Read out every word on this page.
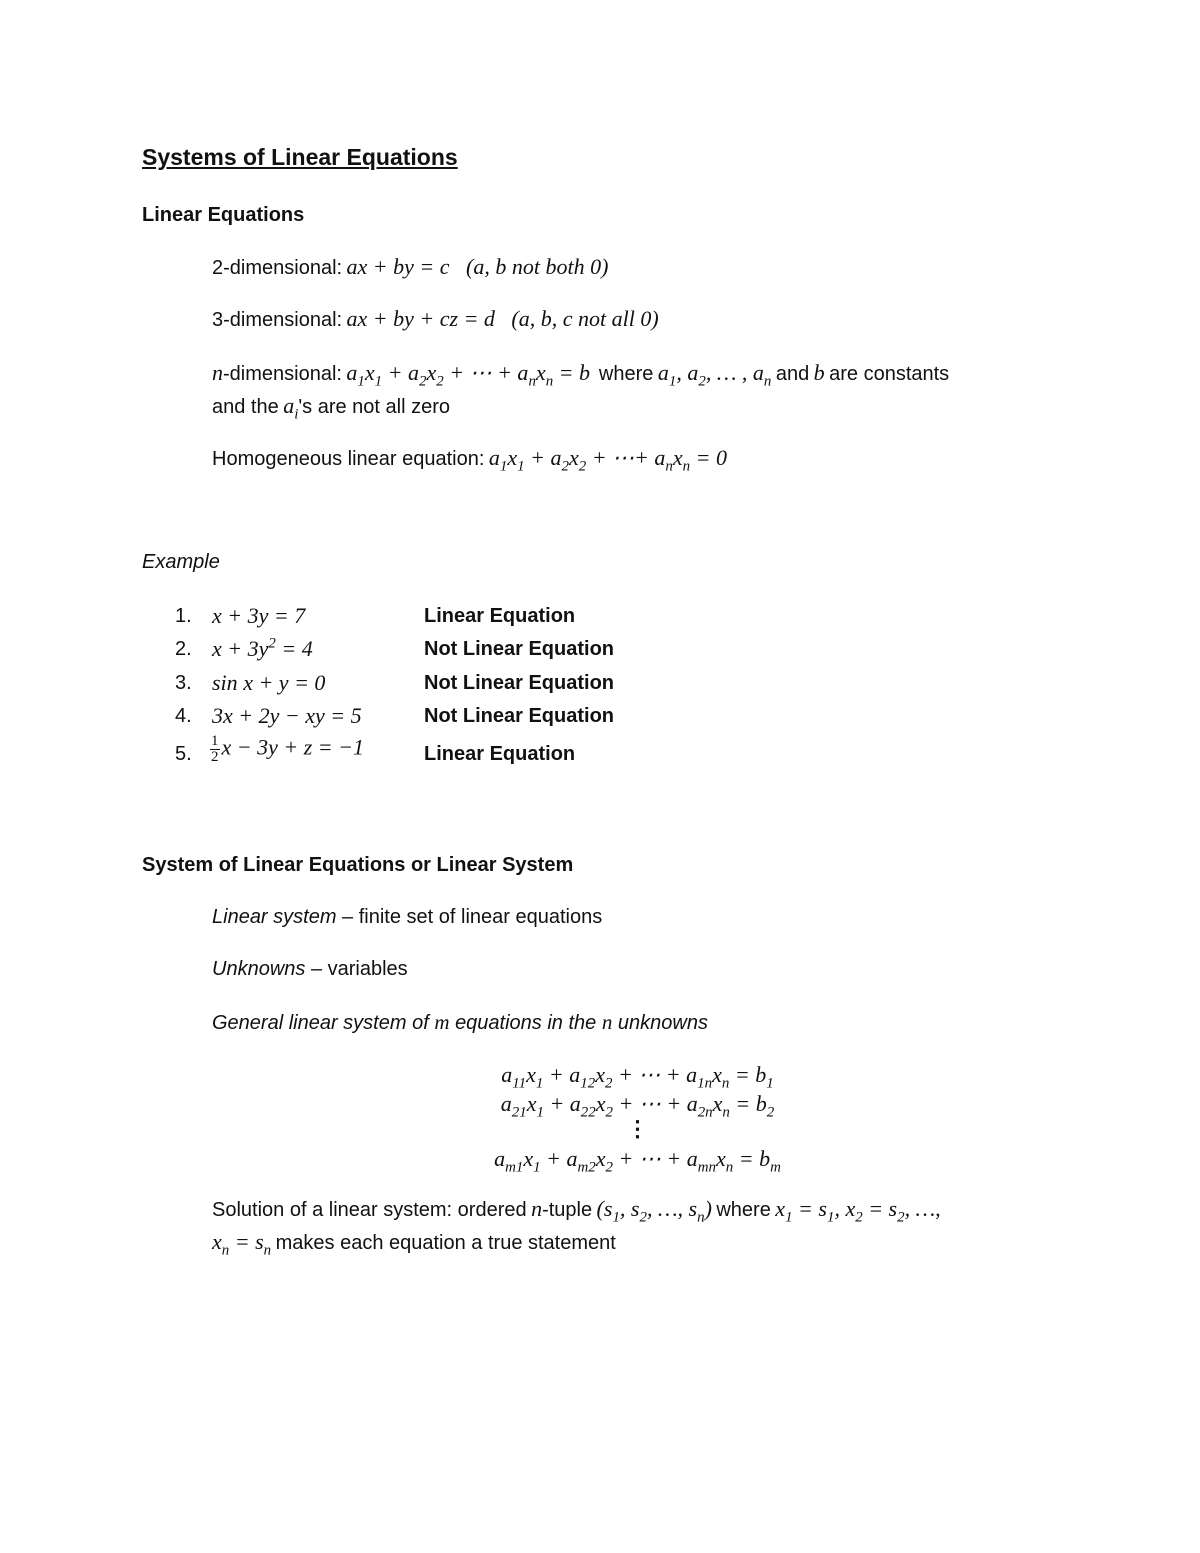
Systems of Linear Equations
Linear Equations
2-dimensional: ax + by = c   (a, b not both 0)
3-dimensional: ax + by + cz = d   (a, b, c not all 0)
n-dimensional: $a_1x_1 + a_2x_2$ + ⋯ + $a_nx_n = b$ where $a_1$, $a_2$, … , $a_n$ and b are constants
and the $a_i's$ are not all zero
Homogeneous linear equation: $a_1x_1 + a_2x_2$ + ⋯+ $a_nx_n = 0$
Example
1. x + 3y = 7	Linear Equation
2. $x + 3y^2 = 4$	Not Linear Equation
3. sin x + y = 0	Not Linear Equation
4. 3x + 2y − xy = 5	Not Linear Equation
5. $\frac{1}{2}$ x − 3y + z = −1	Linear Equation
System of Linear Equations or Linear System
Linear system – finite set of linear equations
Unknowns – variables
General linear system of m equations in the n unknowns
$a_{11}x_1 + a_{12}x_2$ + ⋯ + $a_{1n}x_n = b_1$
$a_{21}x_1 + a_{22}x_2$ + ⋯ + $a_{2n}x_n = b_2$
⋮
$a_{m1}x_1 + a_{m2}x_2$ + ⋯ + $a_{mn}x_n = b_m$
Solution of a linear system: ordered n-tuple ($s_1$, $s_2$, …, $s_n$) where $x_1 = s_1$, $x_2 = s_2$, …,
$x_n = s_n$ makes each equation a true statement
